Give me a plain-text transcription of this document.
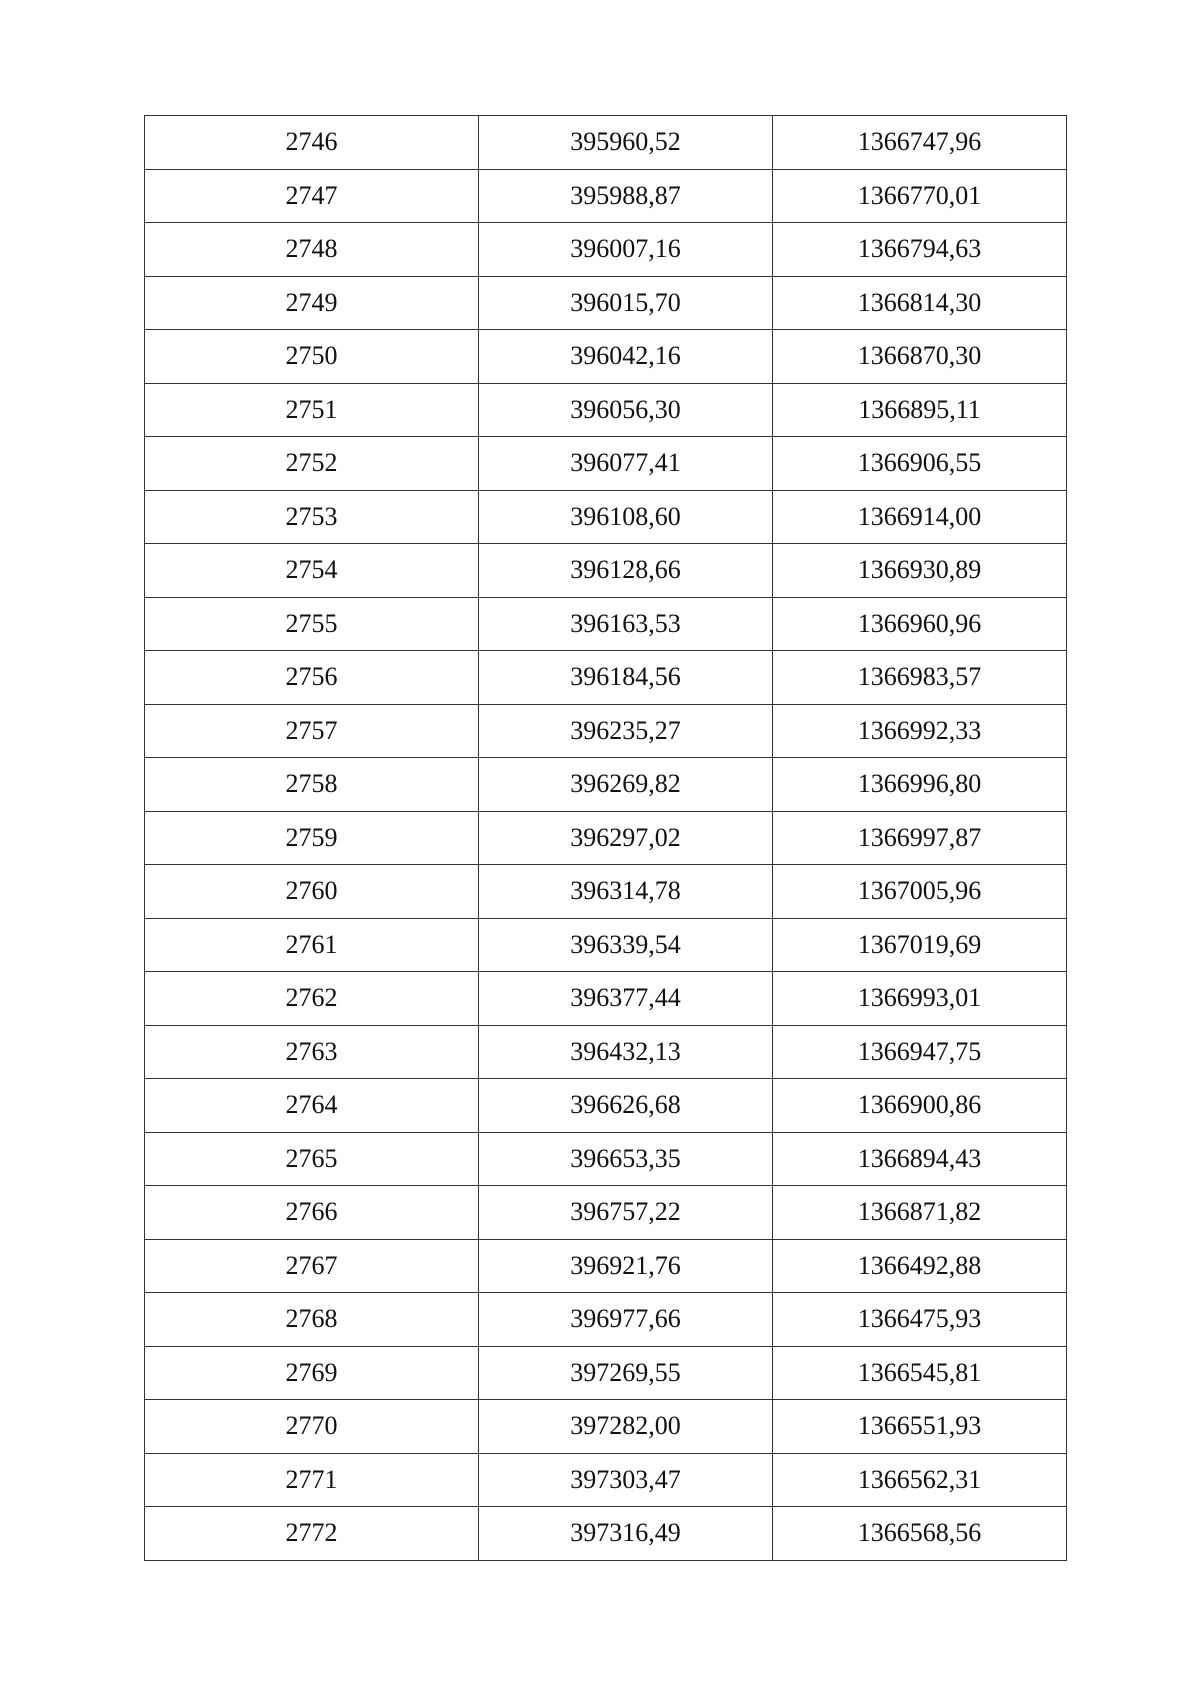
2746	395960,52	1366747,96
2747	395988,87	1366770,01
2748	396007,16	1366794,63
2749	396015,70	1366814,30
2750	396042,16	1366870,30
2751	396056,30	1366895,11
2752	396077,41	1366906,55
2753	396108,60	1366914,00
2754	396128,66	1366930,89
2755	396163,53	1366960,96
2756	396184,56	1366983,57
2757	396235,27	1366992,33
2758	396269,82	1366996,80
2759	396297,02	1366997,87
2760	396314,78	1367005,96
2761	396339,54	1367019,69
2762	396377,44	1366993,01
2763	396432,13	1366947,75
2764	396626,68	1366900,86
2765	396653,35	1366894,43
2766	396757,22	1366871,82
2767	396921,76	1366492,88
2768	396977,66	1366475,93
2769	397269,55	1366545,81
2770	397282,00	1366551,93
2771	397303,47	1366562,31
2772	397316,49	1366568,56
